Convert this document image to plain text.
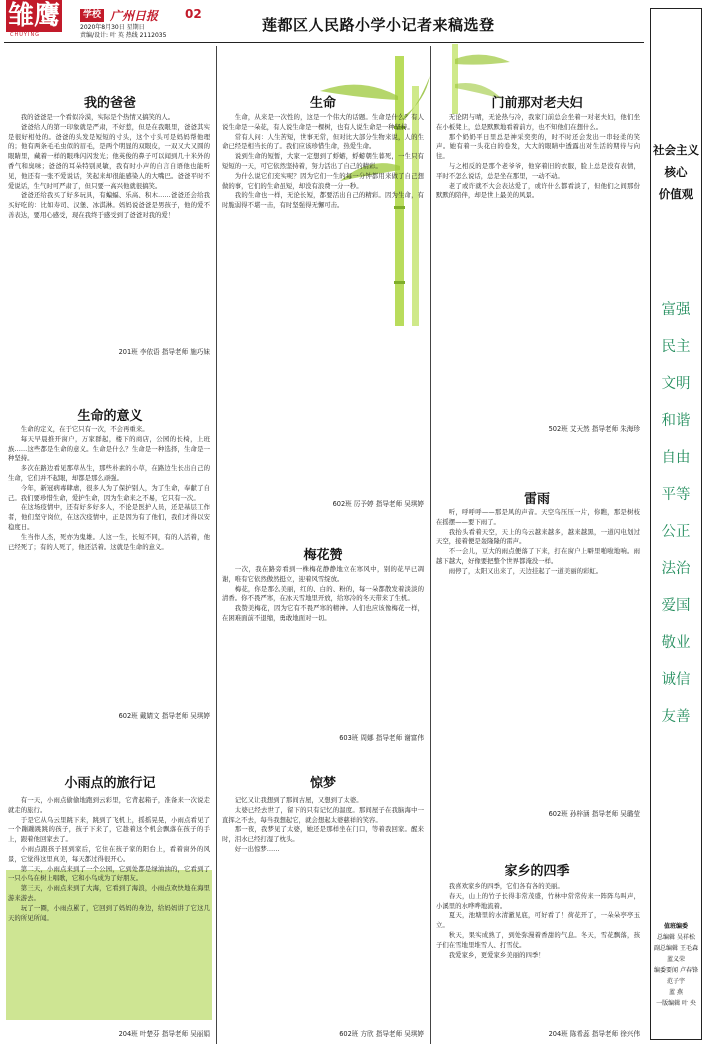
雏鹰
CHUYING
学校 广州日报 02
2020年8月30日 星期日
责编/设计: 叶 英 热线 2112035
莲都区人民路小学小记者来稿选登
我的爸爸

我的爸爸是一个看似冷漠，实际是个热情又搞笑的人。

爸爸给人的第一印象就是严肃，不好惹，但是在我眼里，爸爸其实是很好相处的。爸爸的头发是短短的寸头，这个寸头可是妈妈帮他理的；他有两条毛毛虫似的眉毛，是两个明显的双眼皮，一双又大又圆的眼睛里，藏着一样的眼珠闪闪发光；他英俊的鼻子可以闻到几十米外的香气和臭味；爸爸的耳朵特别灵敏，我有时小声的自言自语他也能听见，他还有一张不爱说话，笑起来却很能感染人的大嘴巴。爸爸平时不爱说话，生气时可严肃了，但只要一高兴他就很搞笑。

爸爸还给我买了好多玩具，有蝙蝠、乐高、积木……爸爸还会给我买好吃的：比如寿司、汉堡、冰淇淋。妈妈说爸爸是男孩子，他的爱不善表达，要用心感受，现在我终于感受到了爸爸对我的爱！

201班 李依语 指导老师 施巧妹
生命的意义

生命的定义，在于它只有一次，不会再重来。

每天早晨推开窗户，万家群起，楼下的商店，公园的长椅，上班族……这些都是生命的意义。生命是什么？生命是一种选择，生命是一种坚持。

多次在路边看见那草丛生，那些朴素的小草，在路边生长出自己的生命，它们并不起眼，却都是那么顽强。

今年，新冠病毒肆虐，很多人为了保护别人，为了生命，奉献了自己。我们要珍惜生命，爱护生命，因为生命来之不易，它只有一次。

在这场疫情中，还有好多好多人，不论是医护人员，还是基层工作者，他们坚守岗位，在这次疫情中，正是因为有了他们，我们才得以安稳度日。

生当作人杰，死亦为鬼雄。人这一生，长短不同，有的人活着，他已经死了；有的人死了，他还活着。这就是生命的意义。

602班 戴婧文 指导老师 吴琪婷
小雨点的旅行记

有一天，小雨点偷偷地跑到云彩里，它背起箱子，准备来一次说走就走的旅行。

于是它从乌云里跳下来，跳到了飞机上，摇摇晃晃，小雨点看见了一个蹦蹦跳跳的孩子，孩子下来了，它趁着这个机会飘落在孩子的手上，跟着他回家去了。

小雨点跟孩子回到家后，它住在孩子家的阳台上，看着窗外的风景，它觉得这里真美，每天都过得很开心。

第二天，小雨点来到了一个公园，它到处都是绿油油的，它看到了一只小鸟在树上唱歌，它和小鸟成为了好朋友。

第三天，小雨点来到了大海，它看到了海浪，小雨点欢快地在海里游来游去。

玩了一圈，小雨点累了，它回到了妈妈的身边，给妈妈讲了它这几天的所见所闻。

204班 叶楚芬 指导老师 吴丽娟
生命

生命，从来是一次性的，这是一个伟大的话题。生命是什么？有人说生命是一朵花，有人说生命是一棵树，也有人说生命是一种坚持。

常有人问：人生苦短，世事无常，但对比大部分生物来说，人的生命已经是相当长的了。我们应该珍惜生命，热爱生命。

说到生命的短暂，大家一定想到了蜉蝣，蜉蝣朝生暮死，一生只有短短的一天，可它依然坚持着，努力活出了自己的精彩。

为什么说它们充实呢？因为它们一生的每一分钟都用来做了自己想做的事，它们的生命虽短，却没有浪费一分一秒。

我的生命也一样，无论长短，都要活出自己的精彩。因为生命，有时脆弱得不堪一击，有时坚强得无懈可击。

602班 厉予婷 指导老师 吴琪婷
梅花赞

一次，我在路旁看到一株梅花静静地立在寒风中，别的花早已凋谢，唯有它依然傲然挺立，迎着风雪绽放。

梅花，你是那么美丽，红的、白的、粉的，每一朵都散发着淡淡的清香。你不畏严寒，在冰天雪地里开放，给寒冷的冬天带来了生机。

我赞美梅花，因为它有不畏严寒的精神。人们也应该像梅花一样，在困难面前不退缩，勇敢地面对一切。

603班 周娜 指导老师 谢富伟
惊梦

记忆又让我想到了那间古屋，又想到了太婆。

太婆已经去世了，留下的只有记忆的温度。那间屋子在我脑海中一直挥之不去，每当我想起它，就会想起太婆慈祥的笑容。

那一夜，我梦见了太婆，她还是那样坐在门口，等着我回家。醒来时，泪水已经打湿了枕头。

好一出惊梦……

602班 方欣 指导老师 吴琪婷
门前那对老夫妇

无论阴与晴，无论热与冷，我家门前总会坐着一对老夫妇，他们坐在小板凳上，总是默默地看着前方，也不知他们在想什么。

那个奶奶平日里总是神采奕奕的，时不时还会发出一串轻柔的笑声。她有着一头花白的卷发，大大的眼睛中透露出对生活的期待与向往。

与之相反的是那个老爷爷，他穿着旧的衣服，脸上总是没有表情，平时不怎么说话，总是坐在那里，一动不动。

老了或许就不大会表达爱了，或许什么都看淡了，但他们之间那份默默的陪伴，却是世上最美的风景。

502班 艾天然 指导老师 朱海珍
雷雨

听，呼呼呼——那是风的声音。天空乌压压一片，你瞧，那是树枝在摇摆——要下雨了。

我抬头看着天空，天上的乌云越来越多，越来越黑，一道闪电划过天空，接着便是轰隆隆的雷声。

不一会儿，豆大的雨点便落了下来，打在窗户上噼里啪啦地响。雨越下越大，好像要把整个世界都淹没一样。

雨停了，太阳又出来了，天边挂起了一道美丽的彩虹。

602班 孙梓涵 指导老师 吴璐莹
家乡的四季

我喜欢家乡的四季，它们各有各的美丽。

春天，山上的竹子长得非常茂盛，竹林中常常传来一阵阵鸟叫声，小溪里的水哗哗地流着。

夏天，池塘里的水清澈见底，可好看了！荷花开了，一朵朵亭亭玉立。

秋天，果实成熟了，到处弥漫着香甜的气息。冬天，雪花飘落，孩子们在雪地里堆雪人、打雪仗。

我爱家乡，更爱家乡美丽的四季！

204班 陈希蕊 指导老师 徐兴伟
社会主义
核心
价值观
富强
民主
文明
和谐
自由
平等
公正
法治
爱国
敬业
诚信
友善
值班编委
总编辑 吴祥松
副总编辑 王毛森
蓝义荣
编委要闻 卢春锋
范子宇
蓝 燕
一版编辑 叶 央
